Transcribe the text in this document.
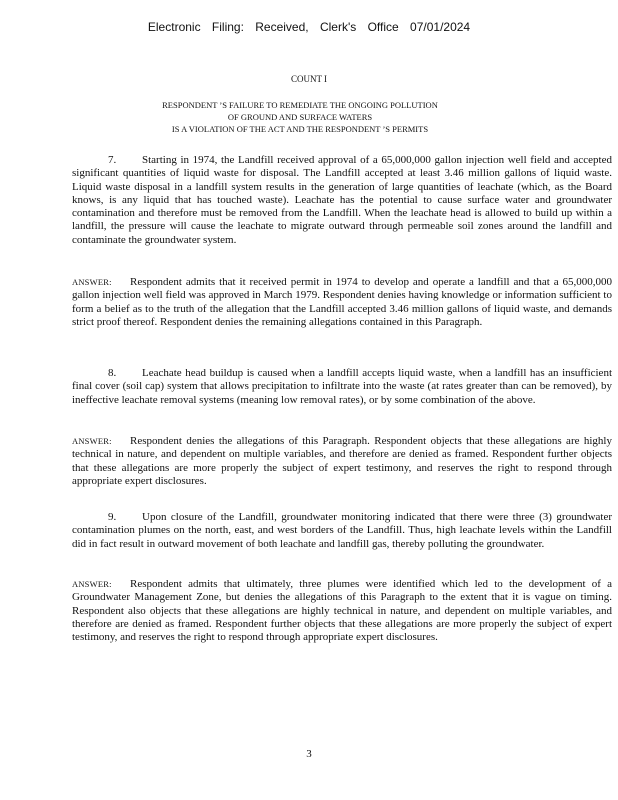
Electronic Filing: Received, Clerk's Office 07/01/2024
COUNT I
RESPONDENT ’S FAILURE TO REMEDIATE THE ONGOING POLLUTION
OF GROUND AND SURFACE WATERS
IS A VIOLATION OF THE ACT AND THE RESPONDENT ’S PERMITS

7. Starting in 1974, the Landfill received approval of a 65,000,000 gallon injection well field and accepted significant quantities of liquid waste for disposal. The Landfill accepted at least 3.46 million gallons of liquid waste. Liquid waste disposal in a landfill system results in the generation of large quantities of leachate (which, as the Board knows, is any liquid that has touched waste). Leachate has the potential to cause surface water and groundwater contamination and therefore must be removed from the Landfill. When the leachate head is allowed to build up within a landfill, the pressure will cause the leachate to migrate outward through permeable soil zones around the landfill and contaminate the groundwater system.

ANSWER: Respondent admits that it received permit in 1974 to develop and operate a landfill and that a 65,000,000 gallon injection well field was approved in March 1979. Respondent denies having knowledge or information sufficient to form a belief as to the truth of the allegation that the Landfill accepted 3.46 million gallons of liquid waste, and demands strict proof thereof. Respondent denies the remaining allegations contained in this Paragraph.

8. Leachate head buildup is caused when a landfill accepts liquid waste, when a landfill has an insufficient final cover (soil cap) system that allows precipitation to infiltrate into the waste (at rates greater than can be removed), by ineffective leachate removal systems (meaning low removal rates), or by some combination of the above.

ANSWER: Respondent denies the allegations of this Paragraph. Respondent objects that these allegations are highly technical in nature, and dependent on multiple variables, and therefore are denied as framed. Respondent further objects that these allegations are more properly the subject of expert testimony, and reserves the right to respond through appropriate expert disclosures.

9. Upon closure of the Landfill, groundwater monitoring indicated that there were three (3) groundwater contamination plumes on the north, east, and west borders of the Landfill. Thus, high leachate levels within the Landfill did in fact result in outward movement of both leachate and landfill gas, thereby polluting the groundwater.

ANSWER: Respondent admits that ultimately, three plumes were identified which led to the development of a Groundwater Management Zone, but denies the allegations of this Paragraph to the extent that it is vague on timing. Respondent also objects that these allegations are highly technical in nature, and dependent on multiple variables, and therefore are denied as framed. Respondent further objects that these allegations are more properly the subject of expert testimony, and reserves the right to respond through appropriate expert disclosures.

3
